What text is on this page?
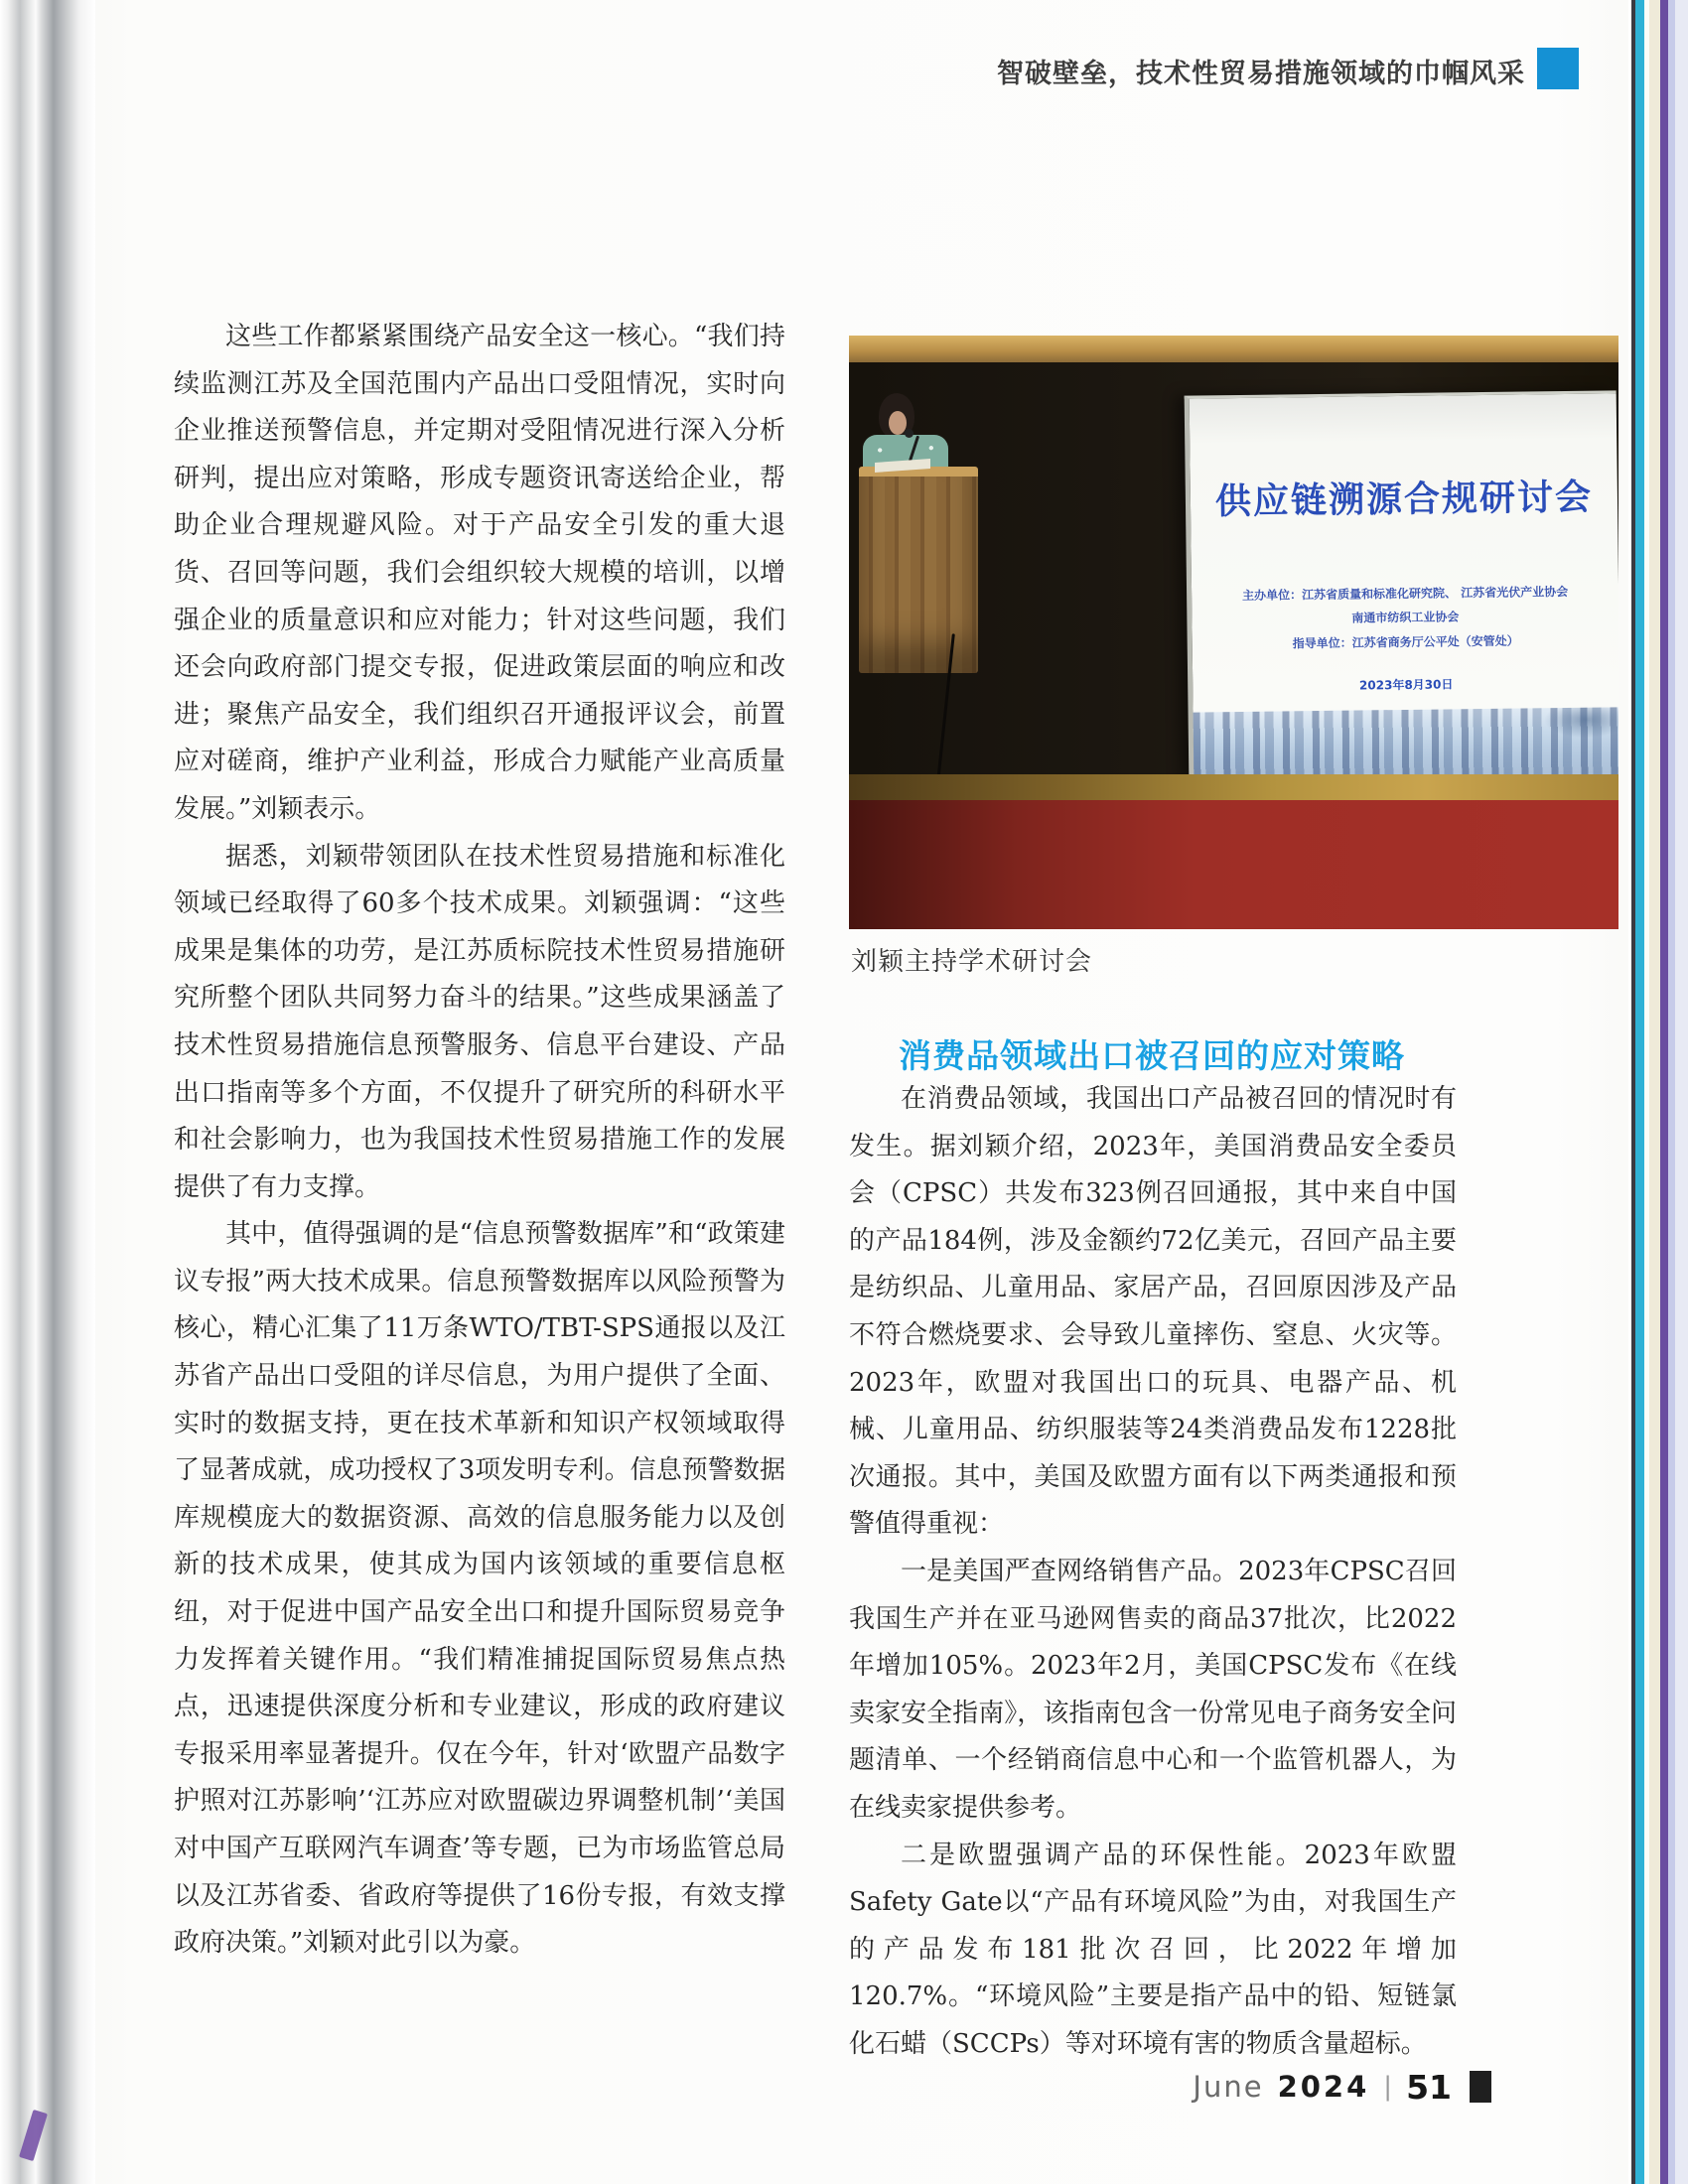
智破壁垒，技术性贸易措施领域的巾帼风采

这些工作都紧紧围绕产品安全这一核心。“我们持续监测江苏及全国范围内产品出口受阻情况，实时向企业推送预警信息，并定期对受阻情况进行深入分析研判，提出应对策略，形成专题资讯寄送给企业，帮助企业合理规避风险。对于产品安全引发的重大退货、召回等问题，我们会组织较大规模的培训，以增强企业的质量意识和应对能力；针对这些问题，我们还会向政府部门提交专报，促进政策层面的响应和改进；聚焦产品安全，我们组织召开通报评议会，前置应对磋商，维护产业利益，形成合力赋能产业高质量发展。”刘颖表示。

据悉，刘颖带领团队在技术性贸易措施和标准化领域已经取得了60多个技术成果。刘颖强调：“这些成果是集体的功劳，是江苏质标院技术性贸易措施研究所整个团队共同努力奋斗的结果。”这些成果涵盖了技术性贸易措施信息预警服务、信息平台建设、产品出口指南等多个方面，不仅提升了研究所的科研水平和社会影响力，也为我国技术性贸易措施工作的发展提供了有力支撑。

其中，值得强调的是“信息预警数据库”和“政策建议专报”两大技术成果。信息预警数据库以风险预警为核心，精心汇集了11万条WTO/TBT-SPS通报以及江苏省产品出口受阻的详尽信息，为用户提供了全面、实时的数据支持，更在技术革新和知识产权领域取得了显著成就，成功授权了3项发明专利。信息预警数据库规模庞大的数据资源、高效的信息服务能力以及创新的技术成果，使其成为国内该领域的重要信息枢纽，对于促进中国产品安全出口和提升国际贸易竞争力发挥着关键作用。“我们精准捕捉国际贸易焦点热点，迅速提供深度分析和专业建议，形成的政府建议专报采用率显著提升。仅在今年，针对‘欧盟产品数字护照对江苏影响’‘江苏应对欧盟碳边界调整机制’‘美国对中国产互联网汽车调查’等专题，已为市场监管总局以及江苏省委、省政府等提供了16份专报，有效支撑政府决策。”刘颖对此引以为豪。

供应链溯源合规研讨会
主办单位：江苏省质量和标准化研究院、 江苏省光伏产业协会
南通市纺织工业协会
指导单位：江苏省商务厅公平处（安管处）
2023年8月30日
刘颖主持学术研讨会
消费品领域出口被召回的应对策略

在消费品领域，我国出口产品被召回的情况时有发生。据刘颖介绍，2023年，美国消费品安全委员会（CPSC）共发布323例召回通报，其中来自中国的产品184例，涉及金额约72亿美元，召回产品主要是纺织品、儿童用品、家居产品，召回原因涉及产品不符合燃烧要求、会导致儿童摔伤、窒息、火灾等。2023年，欧盟对我国出口的玩具、电器产品、机械、儿童用品、纺织服装等24类消费品发布1228批次通报。其中，美国及欧盟方面有以下两类通报和预警值得重视：

一是美国严查网络销售产品。2023年CPSC召回我国生产并在亚马逊网售卖的商品37批次，比2022年增加105%。2023年2月，美国CPSC发布《在线卖家安全指南》，该指南包含一份常见电子商务安全问题清单、一个经销商信息中心和一个监管机器人，为在线卖家提供参考。

二是欧盟强调产品的环保性能。2023年欧盟Safety Gate以“产品有环境风险”为由，对我国生产的产品发布181批次召回，比2022年增加120.7%。“环境风险”主要是指产品中的铅、短链氯化石蜡（SCCPs）等对环境有害的物质含量超标。

June 2024 | 51
